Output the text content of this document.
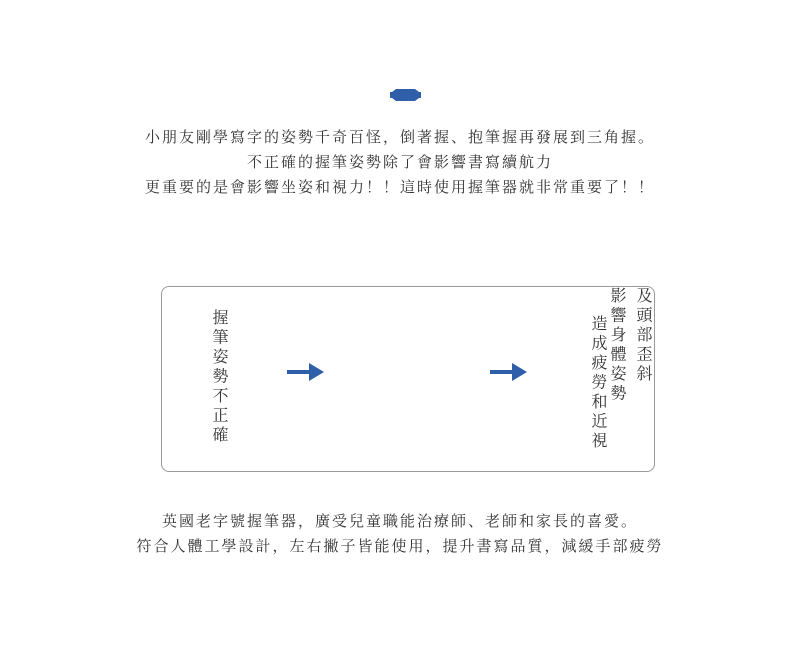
小朋友剛學寫字的姿勢千奇百怪，倒著握、抱筆握再發展到三角握。

不正確的握筆姿勢除了會影響書寫續航力

更重要的是會影響坐姿和視力！！這時使用握筆器就非常重要了！！

握筆姿勢不正確	及頭部歪斜
影響身體姿勢
造成疲勞和近視

英國老字號握筆器，廣受兒童職能治療師、老師和家長的喜愛。

符合人體工學設計，左右撇子皆能使用，提升書寫品質，減緩手部疲勞
